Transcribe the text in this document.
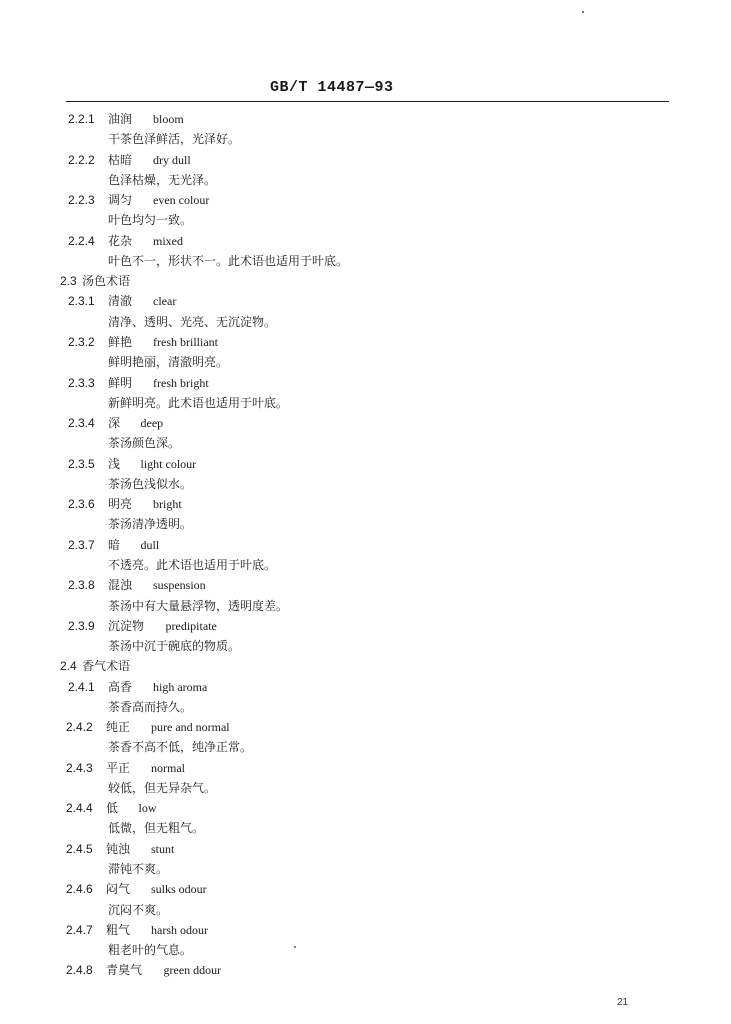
GB/T 14487—93
2.2.1 油润 bloom
干茶色泽鲜活，光泽好。
2.2.2 枯暗 dry dull
色泽枯燥，无光泽。
2.2.3 调匀 even colour
叶色均匀一致。
2.2.4 花杂 mixed
叶色不一，形状不一。此术语也适用于叶底。
2.3 汤色术语
2.3.1 清澈 clear
清净、透明、光亮、无沉淀物。
2.3.2 鲜艳 fresh brilliant
鲜明艳丽，清澈明亮。
2.3.3 鲜明 fresh bright
新鲜明亮。此术语也适用于叶底。
2.3.4 深 deep
茶汤颜色深。
2.3.5 浅 light colour
茶汤色浅似水。
2.3.6 明亮 bright
茶汤清净透明。
2.3.7 暗 dull
不透亮。此术语也适用于叶底。
2.3.8 混浊 suspension
茶汤中有大量悬浮物，透明度差。
2.3.9 沉淀物 predipitate
茶汤中沉于碗底的物质。
2.4 香气术语
2.4.1 高香 high aroma
茶香高而持久。
2.4.2 纯正 pure and normal
茶香不高不低，纯净正常。
2.4.3 平正 normal
较低，但无异杂气。
2.4.4 低 low
低微，但无粗气。
2.4.5 钝浊 stunt
滞钝不爽。
2.4.6 闷气 sulks odour
沉闷不爽。
2.4.7 粗气 harsh odour
粗老叶的气息。
2.4.8 青臭气 green ddour
21
